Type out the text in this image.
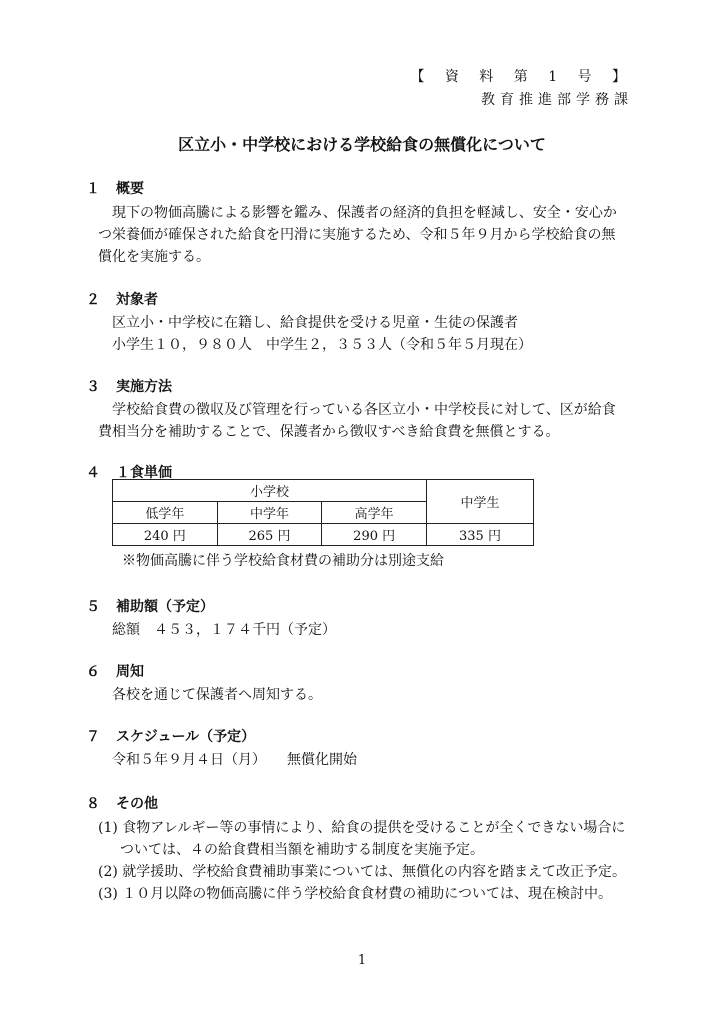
【 資 料 第 1 号 】
教育推進部学務課
区立小・中学校における学校給食の無償化について
１ 概要
現下の物価高騰による影響を鑑み、保護者の経済的負担を軽減し、安全・安心か
つ栄養価が確保された給食を円滑に実施するため、令和５年９月から学校給食の無
償化を実施する。
２ 対象者
区立小・中学校に在籍し、給食提供を受ける児童・生徒の保護者
小学生１０，９８０人　中学生２，３５３人（令和５年５月現在）
３ 実施方法
学校給食費の徴収及び管理を行っている各区立小・中学校長に対して、区が給食
費相当分を補助することで、保護者から徴収すべき給食費を無償とする。
４ １食単価
小学校			中学生
低学年	中学年	高学年	
240 円	265 円	290 円	335 円
※物価高騰に伴う学校給食材費の補助分は別途支給
５ 補助額（予定）
総額　４５３，１７４千円（予定）
６ 周知
各校を通じて保護者へ周知する。
７ スケジュール（予定）
令和５年９月４日（月）　　無償化開始
８ その他
(1) 食物アレルギー等の事情により、給食の提供を受けることが全くできない場合に
ついては、４の給食費相当額を補助する制度を実施予定。
(2) 就学援助、学校給食費補助事業については、無償化の内容を踏まえて改正予定。
(3) １０月以降の物価高騰に伴う学校給食食材費の補助については、現在検討中。
1
